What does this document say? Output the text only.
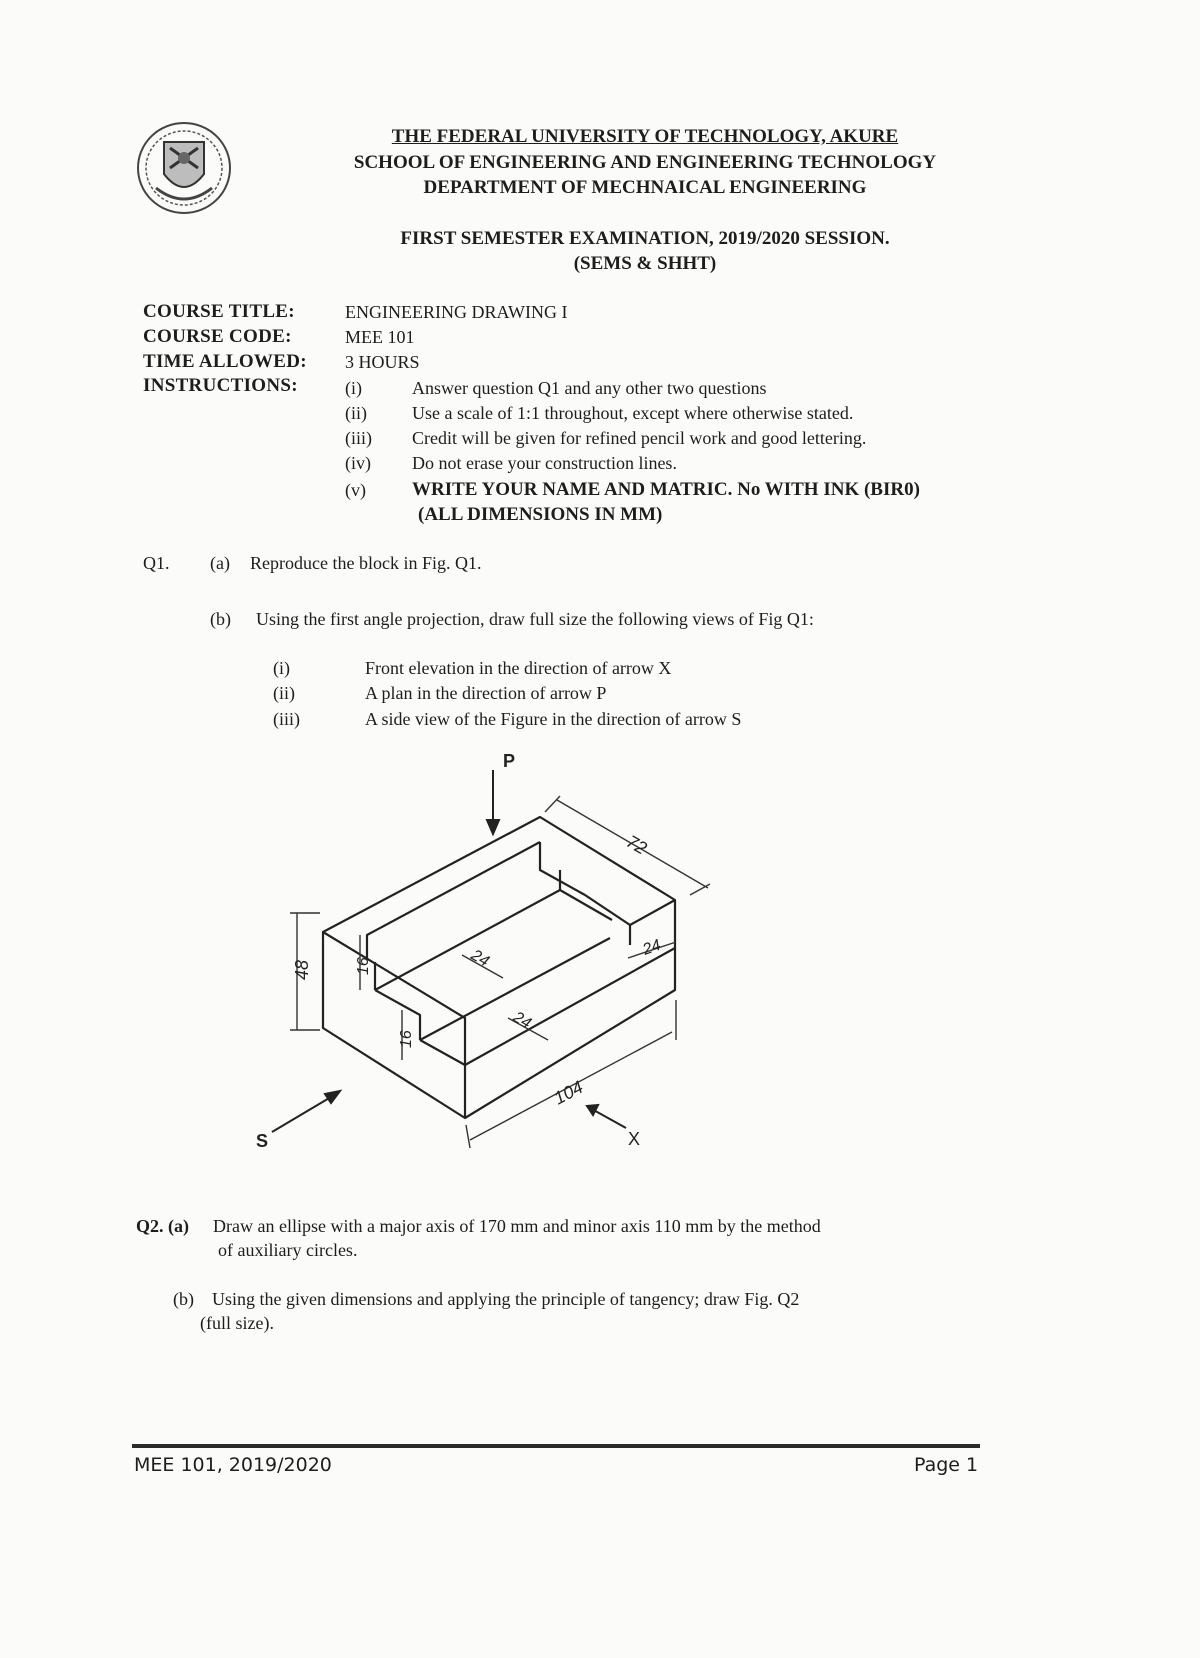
THE FEDERAL UNIVERSITY OF TECHNOLOGY, AKURE
SCHOOL OF ENGINEERING AND ENGINEERING TECHNOLOGY
DEPARTMENT OF MECHNAICAL ENGINEERING
FIRST SEMESTER EXAMINATION, 2019/2020 SESSION.
(SEMS & SHHT)
COURSE TITLE:	ENGINEERING DRAWING I
COURSE CODE:	MEE 101
TIME ALLOWED: 3 HOURS
INSTRUCTIONS:	(i)	Answer question Q1 and any other two questions
(ii)	Use a scale of 1:1 throughout, except where otherwise stated.
(iii) Credit will be given for refined pencil work and good lettering.
(iv) Do not erase your construction lines.
(v) WRITE YOUR NAME AND MATRIC. No WITH INK (BIR0)
(ALL DIMENSIONS IN MM)
Q1. (a) Reproduce the block in Fig. Q1.
(b) Using the first angle projection, draw full size the following views of Fig Q1:
(i)	Front elevation in the direction of arrow X
(ii)	A plan in the direction of arrow P
(iii)	A side view of the Figure in the direction of arrow S
P
S	X
72
104
48	16
16
24
24
24
Q2. (a) Draw an ellipse with a major axis of 170 mm and minor axis 110 mm by the method
of auxiliary circles.
(b) Using the given dimensions and applying the principle of tangency; draw Fig. Q2
(full size).
MEE 101, 2019/2020	Page 1
